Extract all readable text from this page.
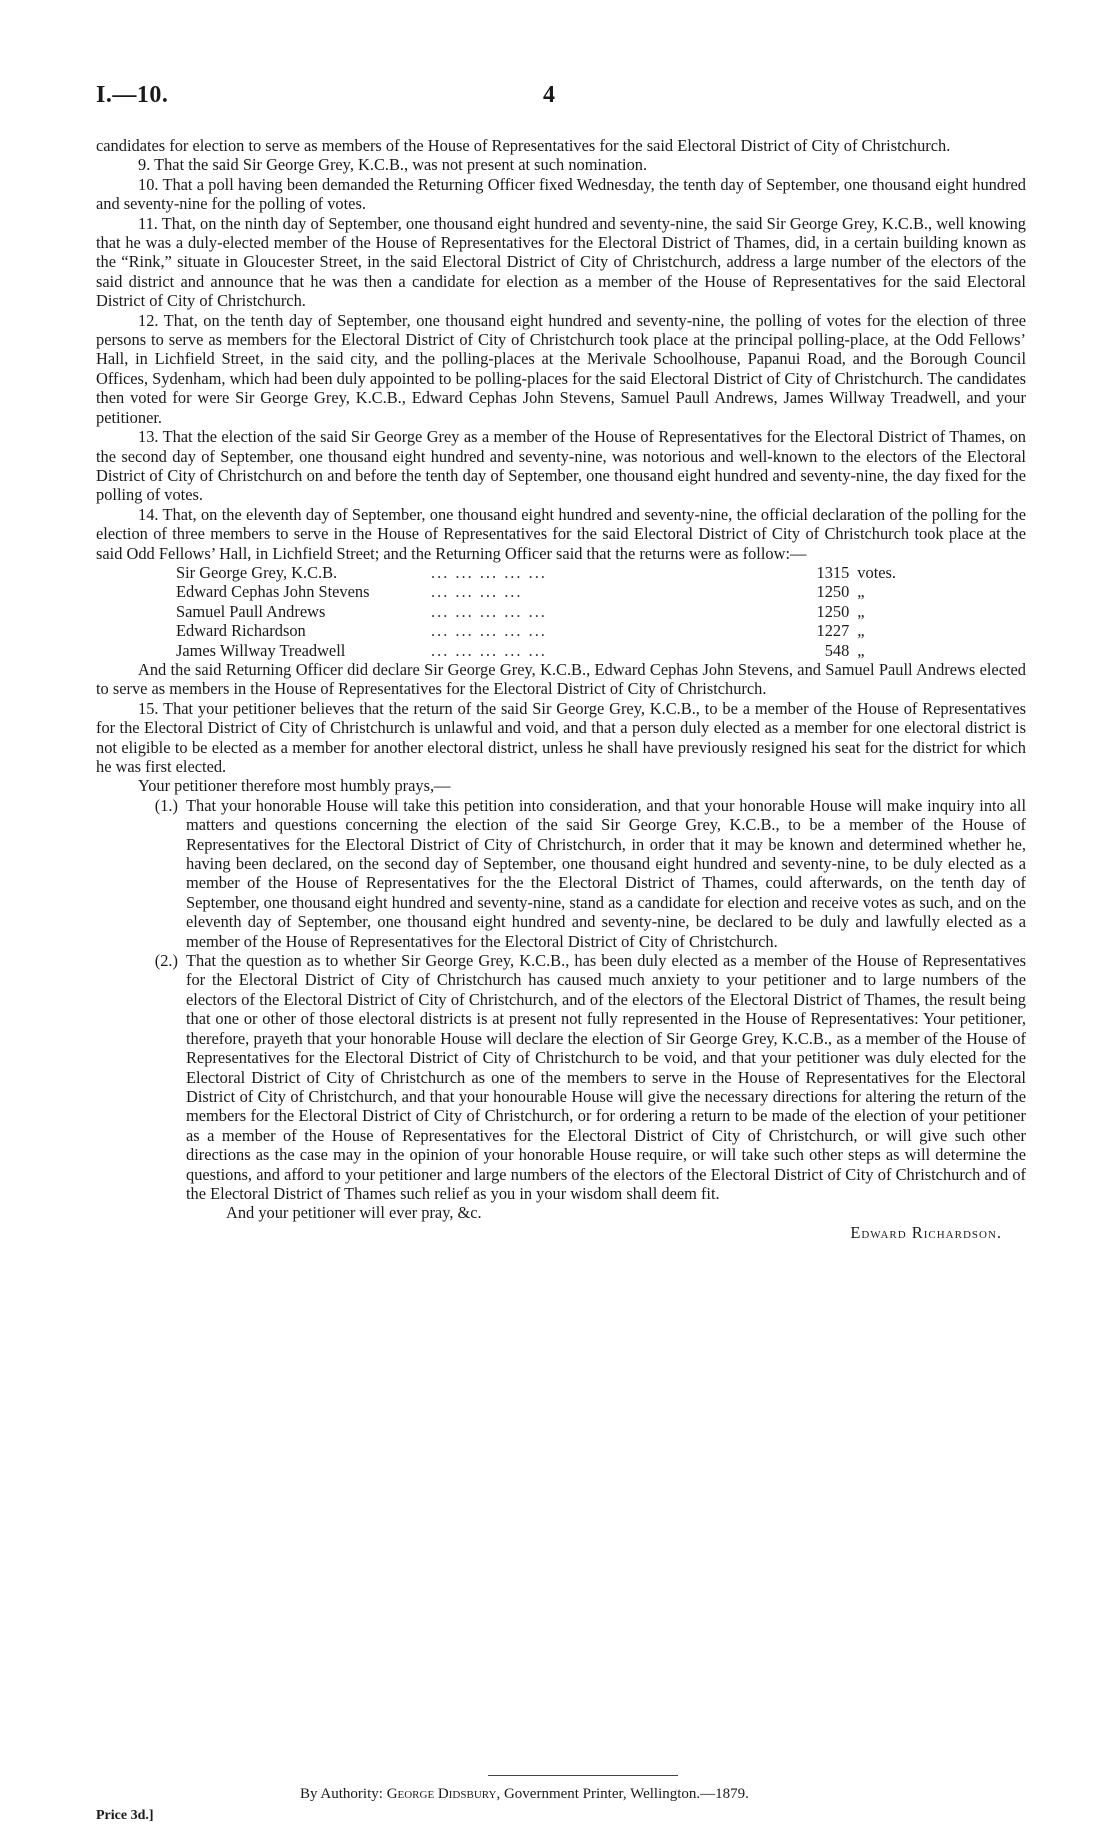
I.—10.	4

candidates for election to serve as members of the House of Representatives for the said Electoral District of City of Christchurch.

9. That the said Sir George Grey, K.C.B., was not present at such nomination.

10. That a poll having been demanded the Returning Officer fixed Wednesday, the tenth day of September, one thousand eight hundred and seventy-nine for the polling of votes.

11. That, on the ninth day of September, one thousand eight hundred and seventy-nine, the said Sir George Grey, K.C.B., well knowing that he was a duly-elected member of the House of Representatives for the Electoral District of Thames, did, in a certain building known as the “Rink,” situate in Gloucester Street, in the said Electoral District of City of Christchurch, address a large number of the electors of the said district and announce that he was then a candidate for election as a member of the House of Representatives for the said Electoral District of City of Christchurch.

12. That, on the tenth day of September, one thousand eight hundred and seventy-nine, the polling of votes for the election of three persons to serve as members for the Electoral District of City of Christchurch took place at the principal polling-place, at the Odd Fellows’ Hall, in Lichfield Street, in the said city, and the polling-places at the Merivale Schoolhouse, Papanui Road, and the Borough Council Offices, Sydenham, which had been duly appointed to be polling-places for the said Electoral District of City of Christchurch. The candidates then voted for were Sir George Grey, K.C.B., Edward Cephas John Stevens, Samuel Paull Andrews, James Willway Treadwell, and your petitioner.

13. That the election of the said Sir George Grey as a member of the House of Representatives for the Electoral District of Thames, on the second day of September, one thousand eight hundred and seventy-nine, was notorious and well-known to the electors of the Electoral District of City of Christchurch on and before the tenth day of September, one thousand eight hundred and seventy-nine, the day fixed for the polling of votes.

14. That, on the eleventh day of September, one thousand eight hundred and seventy-nine, the official declaration of the polling for the election of three members to serve in the House of Representatives for the said Electoral District of City of Christchurch took place at the said Odd Fellows’ Hall, in Lichfield Street; and the Returning Officer said that the returns were as follow:—

Sir George Grey, K.C.B.	... ... ... ... ...	1315	votes.
Edward Cephas John Stevens	... ... ... ...	1250	„
Samuel Paull Andrews	... ... ... ... ...	1250	„
Edward Richardson	... ... ... ... ...	1227	„
James Willway Treadwell	... ... ... ... ...	548	„

And the said Returning Officer did declare Sir George Grey, K.C.B., Edward Cephas John Stevens, and Samuel Paull Andrews elected to serve as members in the House of Representatives for the Electoral District of City of Christchurch.

15. That your petitioner believes that the return of the said Sir George Grey, K.C.B., to be a member of the House of Representatives for the Electoral District of City of Christchurch is unlawful and void, and that a person duly elected as a member for one electoral district is not eligible to be elected as a member for another electoral district, unless he shall have previously resigned his seat for the district for which he was first elected.

Your petitioner therefore most humbly prays,—

(1.) That your honorable House will take this petition into consideration, and that your honorable House will make inquiry into all matters and questions concerning the election of the said Sir George Grey, K.C.B., to be a member of the House of Representatives for the Electoral District of City of Christchurch, in order that it may be known and determined whether he, having been declared, on the second day of September, one thousand eight hundred and seventy-nine, to be duly elected as a member of the House of Representatives for the the Electoral District of Thames, could afterwards, on the tenth day of September, one thousand eight hundred and seventy-nine, stand as a candidate for election and receive votes as such, and on the eleventh day of September, one thousand eight hundred and seventy-nine, be declared to be duly and lawfully elected as a member of the House of Representatives for the Electoral District of City of Christchurch.
(2.) That the question as to whether Sir George Grey, K.C.B., has been duly elected as a member of the House of Representatives for the Electoral District of City of Christchurch has caused much anxiety to your petitioner and to large numbers of the electors of the Electoral District of City of Christchurch, and of the electors of the Electoral District of Thames, the result being that one or other of those electoral districts is at present not fully represented in the House of Representatives: Your petitioner, therefore, prayeth that your honorable House will declare the election of Sir George Grey, K.C.B., as a member of the House of Representatives for the Electoral District of City of Christchurch to be void, and that your petitioner was duly elected for the Electoral District of City of Christchurch as one of the members to serve in the House of Representatives for the Electoral District of City of Christchurch, and that your honourable House will give the necessary directions for altering the return of the members for the Electoral District of City of Christchurch, or for ordering a return to be made of the election of your petitioner as a member of the House of Representatives for the Electoral District of City of Christchurch, or will give such other directions as the case may in the opinion of your honorable House require, or will take such other steps as will determine the questions, and afford to your petitioner and large numbers of the electors of the Electoral District of City of Christchurch and of the Electoral District of Thames such relief as you in your wisdom shall deem fit.

And your petitioner will ever pray, &c.

Edward Richardson.

By Authority: George Didsbury, Government Printer, Wellington.—1879.
Price 3d.]
